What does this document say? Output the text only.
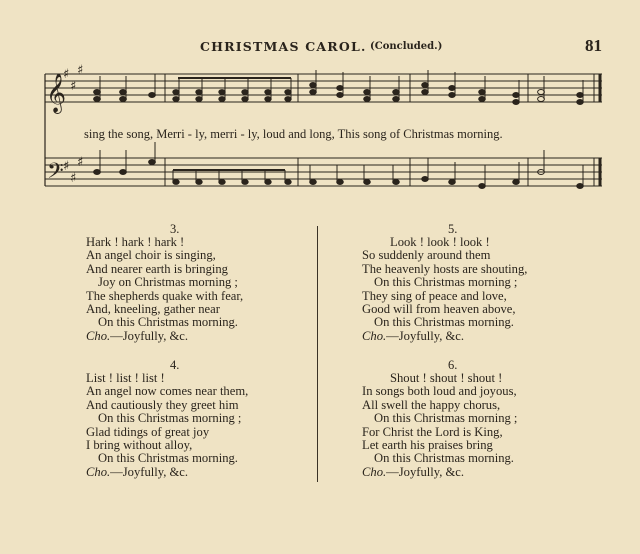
CHRISTMAS CAROL. (Concluded.)	81
𝄞
𝄢
♯
♯
♯
♯
♯
♯
sing the song, Merri - ly, merri - ly, loud and long, This song of Christmas morning.
3.
Hark ! hark ! hark !
An angel choir is singing,
And nearer earth is bringing
Joy on Christmas morning ;
The shepherds quake with fear,
And, kneeling, gather near
On this Christmas morning.
Cho.—Joyfully, &c.
4.
List ! list ! list !
An angel now comes near them,
And cautiously they greet him
On this Christmas morning ;
Glad tidings of great joy
I bring without alloy,
On this Christmas morning.
Cho.—Joyfully, &c.
5.
Look ! look ! look !
So suddenly around them
The heavenly hosts are shouting,
On this Christmas morning ;
They sing of peace and love,
Good will from heaven above,
On this Christmas morning.
Cho.—Joyfully, &c.
6.
Shout ! shout ! shout !
In songs both loud and joyous,
All swell the happy chorus,
On this Christmas morning ;
For Christ the Lord is King,
Let earth his praises bring
On this Christmas morning.
Cho.—Joyfully, &c.
